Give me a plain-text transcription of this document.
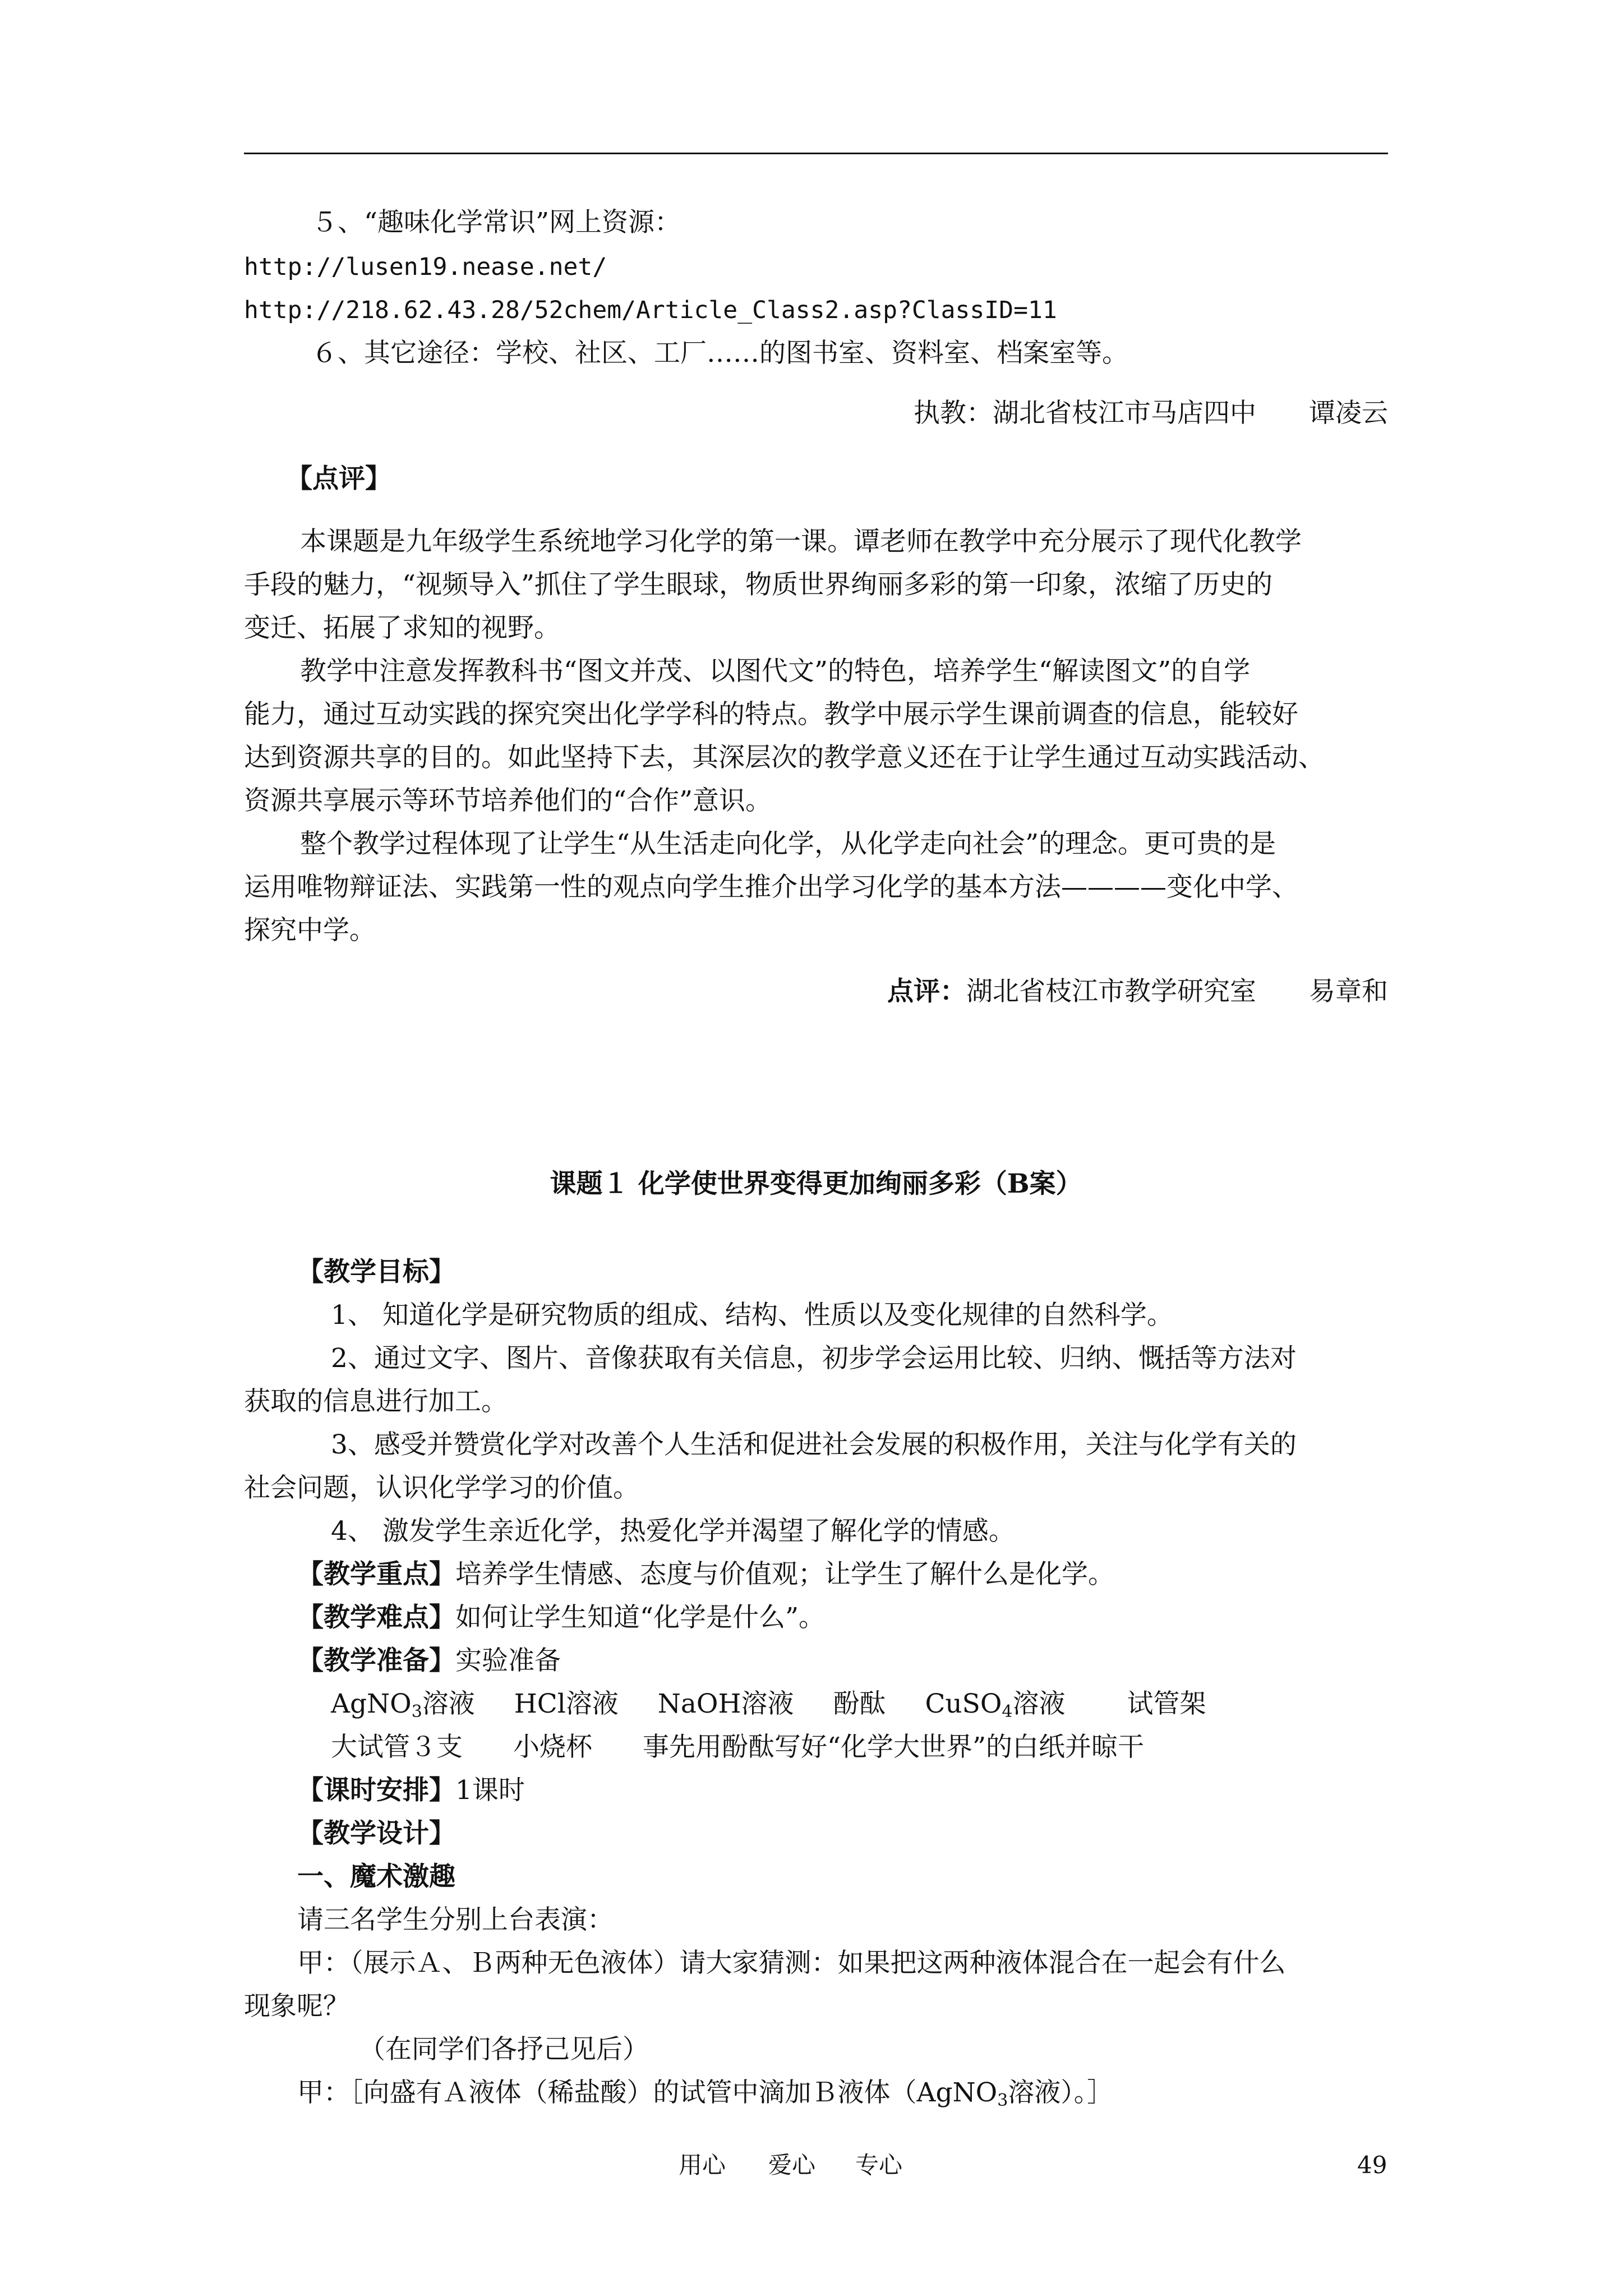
５、“趣味化学常识”网上资源：
http://lusen19.nease.net/
http://218.62.43.28/52chem/Article_Class2.asp?ClassID=11
６、其它途径：学校、社区、工厂……的图书室、资料室、档案室等。
执教：湖北省枝江市马店四中　　谭凌云
【点评】
本课题是九年级学生系统地学习化学的第一课。谭老师在教学中充分展示了现代化教学
手段的魅力，“视频导入”抓住了学生眼球，物质世界绚丽多彩的第一印象，浓缩了历史的
变迁、拓展了求知的视野。
教学中注意发挥教科书“图文并茂、以图代文”的特色，培养学生“解读图文”的自学
能力，通过互动实践的探究突出化学学科的特点。教学中展示学生课前调查的信息，能较好
达到资源共享的目的。如此坚持下去，其深层次的教学意义还在于让学生通过互动实践活动、
资源共享展示等环节培养他们的“合作”意识。
整个教学过程体现了让学生“从生活走向化学，从化学走向社会”的理念。更可贵的是
运用唯物辩证法、实践第一性的观点向学生推介出学习化学的基本方法————变化中学、
探究中学。
点评：湖北省枝江市教学研究室　　易章和
课题１ 化学使世界变得更加绚丽多彩（B案）
【教学目标】
1、 知道化学是研究物质的组成、结构、性质以及变化规律的自然科学。
2、通过文字、图片、音像获取有关信息，初步学会运用比较、归纳、慨括等方法对
获取的信息进行加工。
3、感受并赞赏化学对改善个人生活和促进社会发展的积极作用，关注与化学有关的
社会问题，认识化学学习的价值。
4、 激发学生亲近化学，热爱化学并渴望了解化学的情感。
【教学重点】培养学生情感、态度与价值观；让学生了解什么是化学。
【教学难点】如何让学生知道“化学是什么”。
【教学准备】实验准备
AgNO$_3$溶液 HCl溶液 NaOH溶液 酚酞 CuSO$_4$溶液 试管架
大试管３支 小烧杯 事先用酚酞写好“化学大世界”的白纸并晾干
【课时安排】1课时
【教学设计】
一、魔术激趣
请三名学生分别上台表演：
甲：（展示Ａ、Ｂ两种无色液体）请大家猜测：如果把这两种液体混合在一起会有什么
现象呢？
（在同学们各抒己见后）
甲：［向盛有Ａ液体（稀盐酸）的试管中滴加Ｂ液体（AgNO$_3$溶液）。］
用心 爱心 专心	49
